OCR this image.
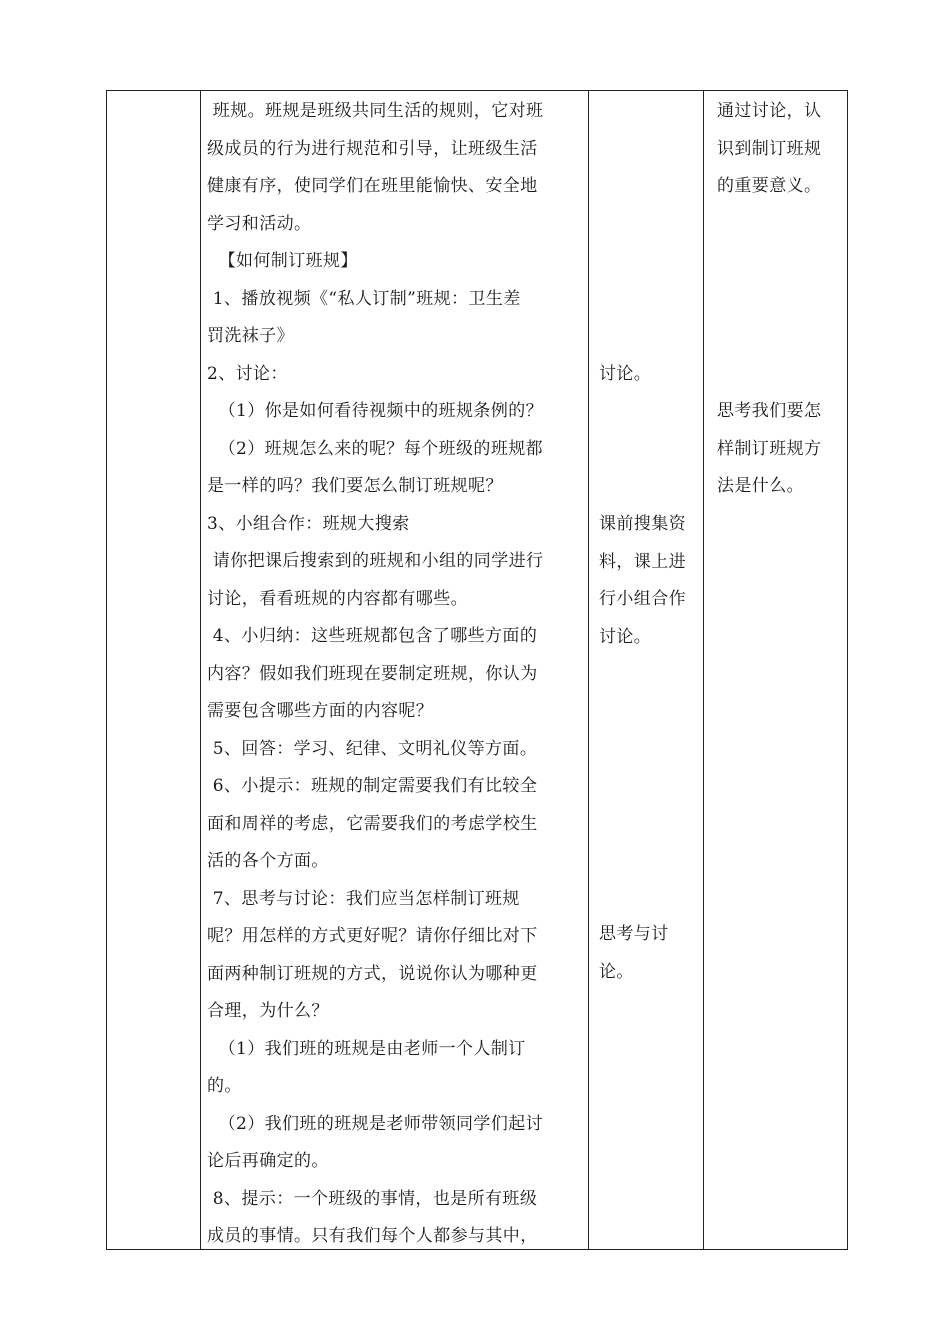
班规。班规是班级共同生活的规则，它对班
级成员的行为进行规范和引导，让班级生活
健康有序，使同学们在班里能愉快、安全地
学习和活动。
【如何制订班规】
1、播放视频《“私人订制”班规：卫生差
罚洗袜子》
2、讨论：
（1）你是如何看待视频中的班规条例的？
（2）班规怎么来的呢？每个班级的班规都
是一样的吗？我们要怎么制订班规呢？
3、小组合作：班规大搜索
请你把课后搜索到的班规和小组的同学进行
讨论，看看班规的内容都有哪些。
4、小归纳：这些班规都包含了哪些方面的
内容？假如我们班现在要制定班规，你认为
需要包含哪些方面的内容呢？
5、回答：学习、纪律、文明礼仪等方面。
6、小提示：班规的制定需要我们有比较全
面和周祥的考虑，它需要我们的考虑学校生
活的各个方面。
7、思考与讨论：我们应当怎样制订班规
呢？用怎样的方式更好呢？请你仔细比对下
面两种制订班规的方式，说说你认为哪种更
合理，为什么？
（1）我们班的班规是由老师一个人制订
的。
（2）我们班的班规是老师带领同学们起讨
论后再确定的。
8、提示：一个班级的事情，也是所有班级
成员的事情。只有我们每个人都参与其中，
讨论。
课前搜集资
料，课上进
行小组合作
讨论。
思考与讨
论。
通过讨论，认
识到制订班规
的重要意义。
思考我们要怎
样制订班规方
法是什么。
